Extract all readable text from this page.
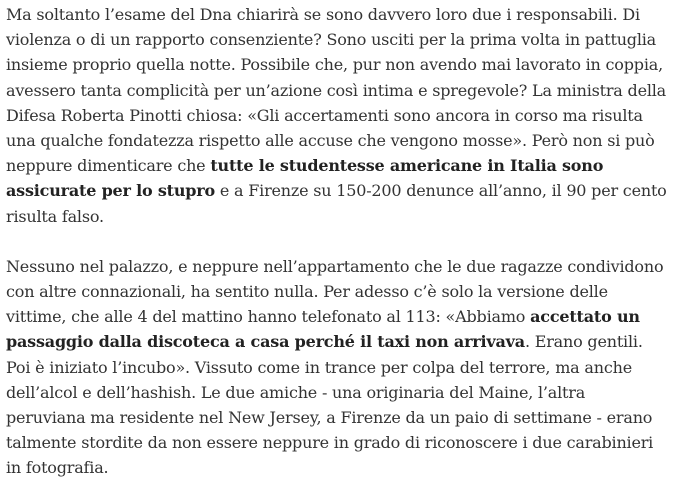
Ma soltanto l’esame del Dna chiarirà se sono davvero loro due i responsabili. Di violenza o di un rapporto consenziente? Sono usciti per la prima volta in pattuglia insieme proprio quella notte. Possibile che, pur non avendo mai lavorato in coppia, avessero tanta complicità per un’azione così intima e spregevole? La ministra della Difesa Roberta Pinotti chiosa: «Gli accertamenti sono ancora in corso ma risulta una qualche fondatezza rispetto alle accuse che vengono mosse». Però non si può neppure dimenticare che tutte le studentesse americane in Italia sono assicurate per lo stupro e a Firenze su 150-200 denunce all’anno, il 90 per cento risulta falso.

Nessuno nel palazzo, e neppure nell’appartamento che le due ragazze condividono con altre connazionali, ha sentito nulla. Per adesso c’è solo la versione delle vittime, che alle 4 del mattino hanno telefonato al 113: «Abbiamo accettato un passaggio dalla discoteca a casa perché il taxi non arrivava. Erano gentili. Poi è iniziato l’incubo». Vissuto come in trance per colpa del terrore, ma anche dell’alcol e dell’hashish. Le due amiche - una originaria del Maine, l’altra peruviana ma residente nel New Jersey, a Firenze da un paio di settimane - erano talmente stordite da non essere neppure in grado di riconoscere i due carabinieri in fotografia.
